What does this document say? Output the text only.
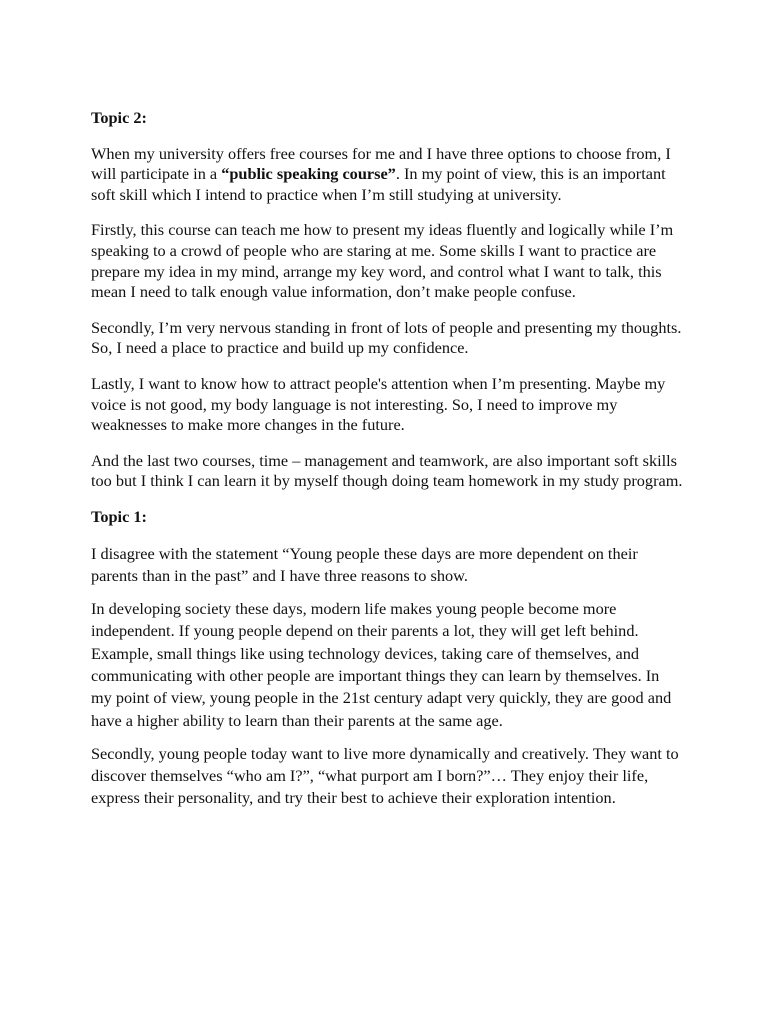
Topic 2:

When my university offers free courses for me and I have three options to choose from, I will participate in a “public speaking course”. In my point of view, this is an important soft skill which I intend to practice when I’m still studying at university.

Firstly, this course can teach me how to present my ideas fluently and logically while I’m speaking to a crowd of people who are staring at me. Some skills I want to practice are prepare my idea in my mind, arrange my key word, and control what I want to talk, this mean I need to talk enough value information, don’t make people confuse.

Secondly, I’m very nervous standing in front of lots of people and presenting my thoughts. So, I need a place to practice and build up my confidence.

Lastly, I want to know how to attract people's attention when I’m presenting. Maybe my voice is not good, my body language is not interesting. So, I need to improve my weaknesses to make more changes in the future.

And the last two courses, time – management and teamwork, are also important soft skills too but I think I can learn it by myself though doing team homework in my study program.

Topic 1:

I disagree with the statement “Young people these days are more dependent on their parents than in the past” and I have three reasons to show.

In developing society these days, modern life makes young people become more independent. If young people depend on their parents a lot, they will get left behind. Example, small things like using technology devices, taking care of themselves, and communicating with other people are important things they can learn by themselves. In my point of view, young people in the 21st century adapt very quickly, they are good and have a higher ability to learn than their parents at the same age.

Secondly, young people today want to live more dynamically and creatively. They want to discover themselves “who am I?”, “what purport am I born?”… They enjoy their life, express their personality, and try their best to achieve their exploration intention.
